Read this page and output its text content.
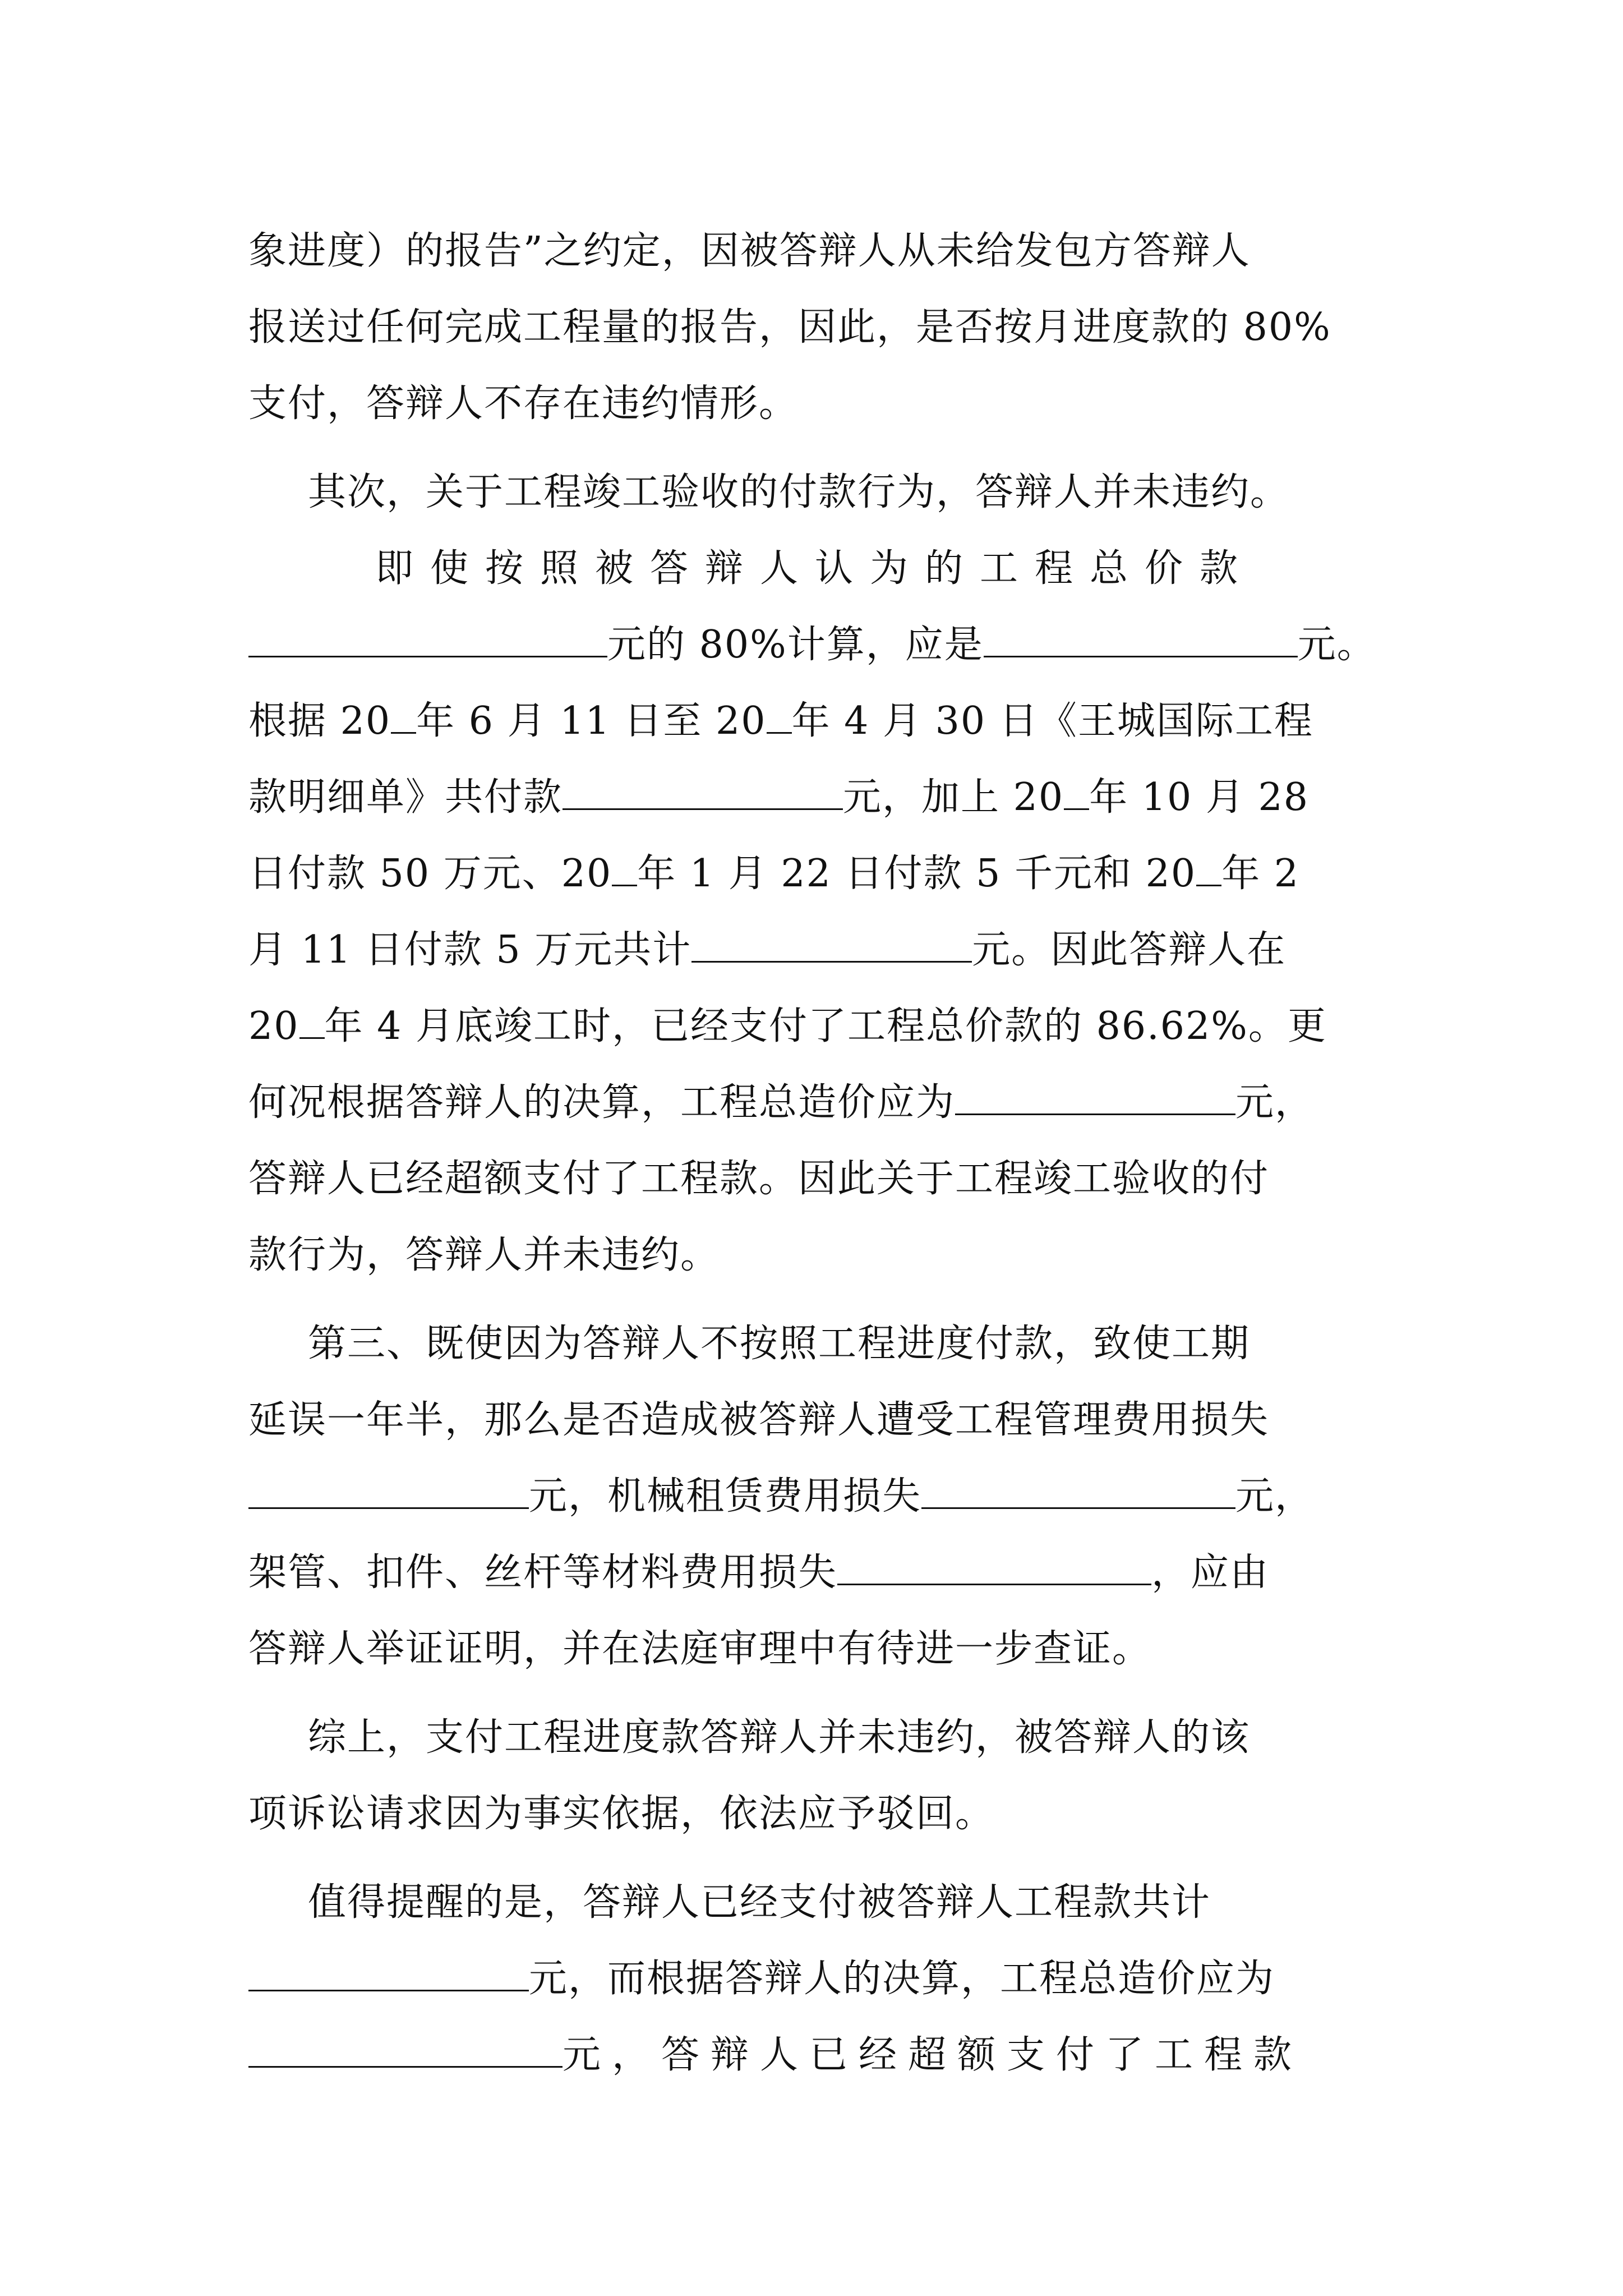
象进度）的报告”之约定，因被答辩人从未给发包方答辩人
报送过任何完成工程量的报告，因此，是否按月进度款的 80%
支付，答辩人不存在违约情形。
  其次，关于工程竣工验收的付款行为，答辩人并未违约。
   即使按照被答辩人认为的工程总价款
元的 80%计算，应是	元。
根据 20 年 6 月 11 日至 20 年 4 月 30 日《王城国际工程
款明细单》共付款	元，加上 20 年 10 月 28
日付款 50 万元、20 年 1 月 22 日付款 5 千元和 20 年 2
月 11 日付款 5 万元共计	元。因此答辩人在
20 年 4 月底竣工时，已经支付了工程总价款的 86.62%。更
何况根据答辩人的决算，工程总造价应为	元，
答辩人已经超额支付了工程款。因此关于工程竣工验收的付
款行为，答辩人并未违约。
  第三、既使因为答辩人不按照工程进度付款，致使工期
延误一年半，那么是否造成被答辩人遭受工程管理费用损失
元，机械租赁费用损失	元，
架管、扣件、丝杆等材料费用损失	，应由
答辩人举证证明，并在法庭审理中有待进一步查证。
  综上，支付工程进度款答辩人并未违约，被答辩人的该
项诉讼请求因为事实依据，依法应予驳回。
  值得提醒的是，答辩人已经支付被答辩人工程款共计
元，而根据答辩人的决算，工程总造价应为
元，答辩人已经超额支付了工程款
